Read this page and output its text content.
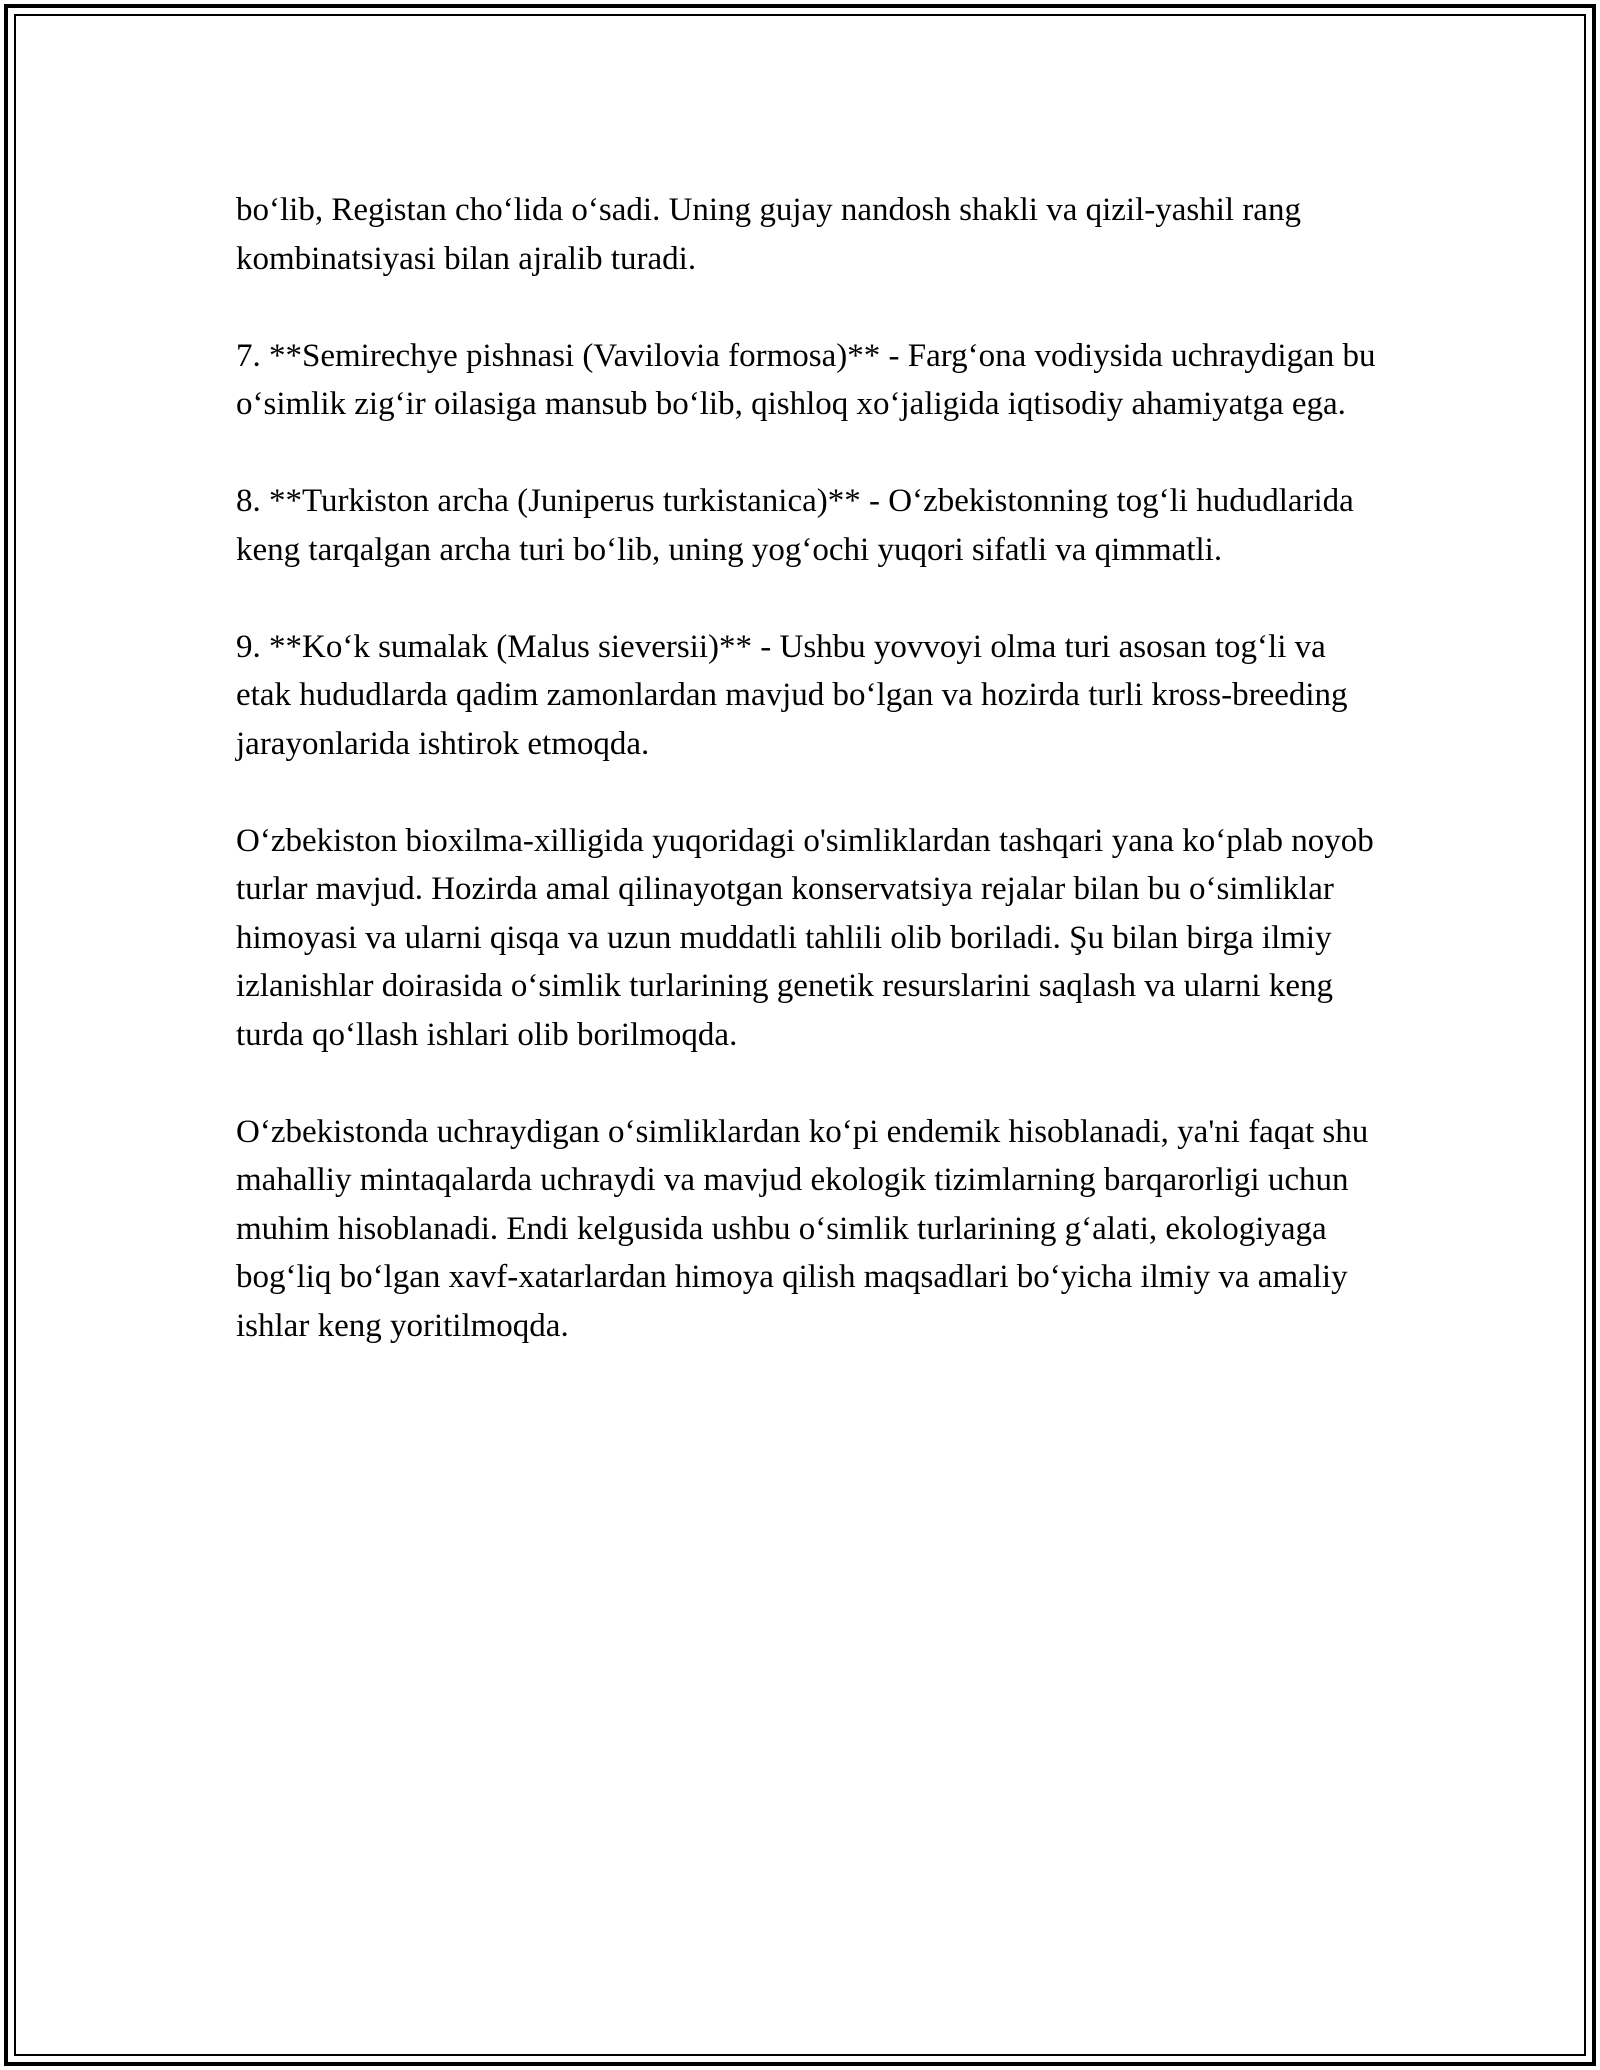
bo‘lib, Registan cho‘lida o‘sadi. Uning gujay nandosh shakli va qizil-yashil rang kombinatsiyasi bilan ajralib turadi.

7. **Semirechye pishnasi (Vavilovia formosa)** - Farg‘ona vodiysida uchraydigan bu o‘simlik zig‘ir oilasiga mansub bo‘lib, qishloq xo‘jaligida iqtisodiy ahamiyatga ega.

8. **Turkiston archa (Juniperus turkistanica)** - O‘zbekistonning tog‘li hududlarida keng tarqalgan archa turi bo‘lib, uning yog‘ochi yuqori sifatli va qimmatli.

9. **Ko‘k sumalak (Malus sieversii)** - Ushbu yovvoyi olma turi asosan tog‘li va etak hududlarda qadim zamonlardan mavjud bo‘lgan va hozirda turli kross-breeding jarayonlarida ishtirok etmoqda.

O‘zbekiston bioxilma-xilligida yuqoridagi o'simliklardan tashqari yana ko‘plab noyob turlar mavjud. Hozirda amal qilinayotgan konservatsiya rejalar bilan bu o‘simliklar himoyasi va ularni qisqa va uzun muddatli tahlili olib boriladi. Şu bilan birga ilmiy izlanishlar doirasida o‘simlik turlarining genetik resurslarini saqlash va ularni keng turda qo‘llash ishlari olib borilmoqda.

O‘zbekistonda uchraydigan o‘simliklardan ko‘pi endemik hisoblanadi, ya'ni faqat shu mahalliy mintaqalarda uchraydi va mavjud ekologik tizimlarning barqarorligi uchun muhim hisoblanadi. Endi kelgusida ushbu o‘simlik turlarining g‘alati, ekologiyaga bog‘liq bo‘lgan xavf-xatarlardan himoya qilish maqsadlari bo‘yicha ilmiy va amaliy ishlar keng yoritilmoqda.
